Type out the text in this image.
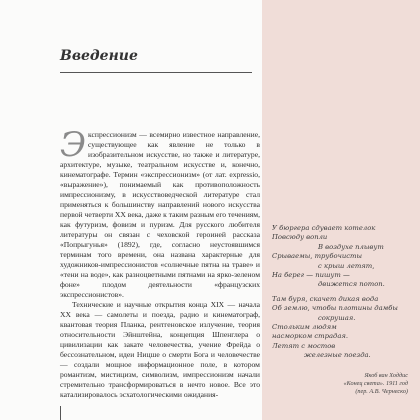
Введение

Экспрессионизм — всемирно известное направление, существующее как явление не только в изобразительном искусстве, но также и литературе, архитектуре, музыке, театральном искусстве и, конечно, кинематографе. Термин «экспрессионизм» (от лат. expressio, «выражение»), понимаемый как противоположность импрессионизму, в искусствоведческой литературе стал применяться к большинству направлений нового искусства первой четверти XX века, даже к таким разным его течениям, как футуризм, фовизм и пуризм. Для русского любителя литературы он связан с чеховской героиней рассказа «Попрыгунья» (1892), где, согласно неустоявшимся терминам того времени, она названа характерные для художников-импрессионистов «солнечные пятна на траве» и «тени на воде», как разноцветными пятнами на ярко-зеленом фоне» плодом деятельности «французских экспрессионистов».

Технические и научные открытия конца XIX — начала XX века — самолеты и поезда, радио и кинематограф, квантовая теория Планка, рентгеновское излучение, теория относительности Эйнштейна, концепция Шпенглера о цивилизации как закате человечества, учение Фрейда о бессознательном, идеи Ницше о смерти Бога и человечестве — создали мощное информационное поле, в котором романтизм, мистицизм, символизм, импрессионизм начали стремительно трансформироваться в нечто новое. Все это катализировалось эсхатологическими ожидания-

У бюргера сдувает котелок
Повсюду вопли
В воздухе плывут
Срываемы, трубочисты
с крыш летят,
На берег — пишут —
движется потоп.
Там буря, скачет дикая вода
Об землю, чтобы плотины дамбы
сокрушая.
Стольким людям
насморком страдая.
Летят с мостов
железные поезда.
Якоб ван Ходдис
«Конец света». 1911 год
(пер. А.В. Чернеско)
